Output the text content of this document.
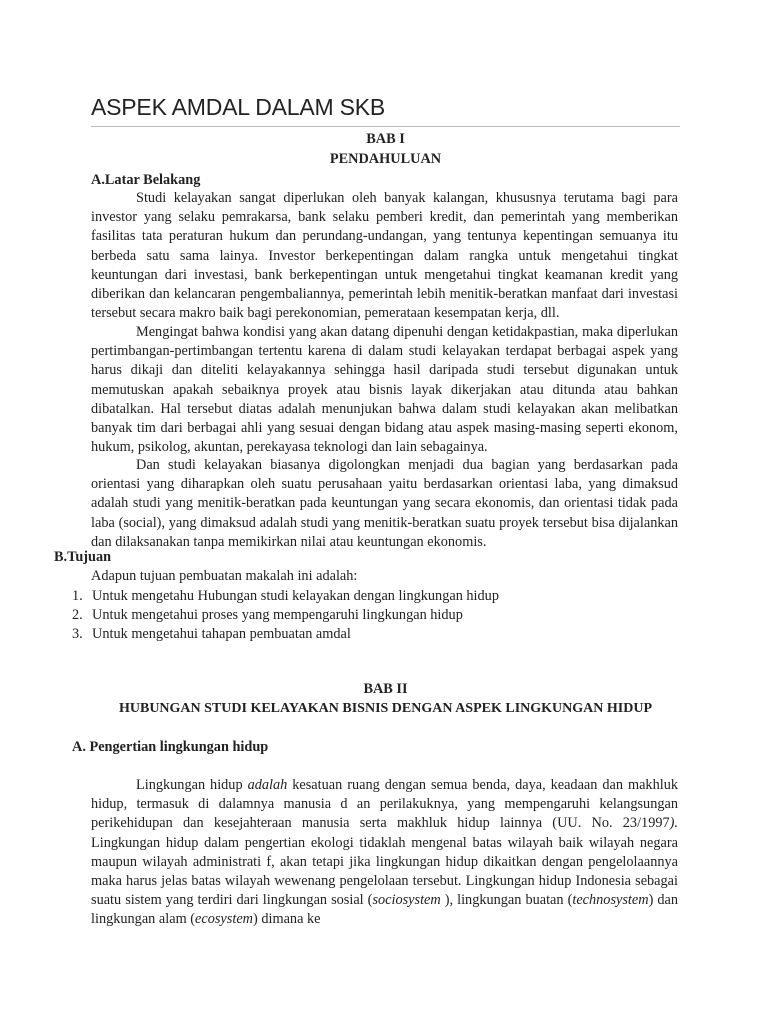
ASPEK AMDAL DALAM SKB
BAB I
PENDAHULUAN
A.Latar Belakang

Studi kelayakan sangat diperlukan oleh banyak kalangan, khususnya terutama bagi para investor yang selaku pemrakarsa, bank selaku pemberi kredit, dan pemerintah yang memberikan fasilitas tata peraturan hukum dan perundang-undangan, yang tentunya kepentingan semuanya itu berbeda satu sama lainya. Investor berkepentingan dalam rangka untuk mengetahui tingkat keuntungan dari investasi, bank berkepentingan untuk mengetahui tingkat keamanan kredit yang diberikan dan kelancaran pengembaliannya, pemerintah lebih menitik-beratkan manfaat dari investasi tersebut secara makro baik bagi perekonomian, pemerataan kesempatan kerja, dll.

Mengingat bahwa kondisi yang akan datang dipenuhi dengan ketidakpastian, maka diperlukan pertimbangan-pertimbangan tertentu karena di dalam studi kelayakan terdapat berbagai aspek yang harus dikaji dan diteliti kelayakannya sehingga hasil daripada studi tersebut digunakan untuk memutuskan apakah sebaiknya proyek atau bisnis layak dikerjakan atau ditunda atau bahkan dibatalkan. Hal tersebut diatas adalah menunjukan bahwa dalam studi kelayakan akan melibatkan banyak tim dari berbagai ahli yang sesuai dengan bidang atau aspek masing-masing seperti ekonom, hukum, psikolog, akuntan, perekayasa teknologi dan lain sebagainya.

Dan studi kelayakan biasanya digolongkan menjadi dua bagian yang berdasarkan pada orientasi yang diharapkan oleh suatu perusahaan yaitu berdasarkan orientasi laba, yang dimaksud adalah studi yang menitik-beratkan pada keuntungan yang secara ekonomis, dan orientasi tidak pada laba (social), yang dimaksud adalah studi yang menitik-beratkan suatu proyek tersebut bisa dijalankan dan dilaksanakan tanpa memikirkan nilai atau keuntungan ekonomis.

B.Tujuan
Adapun tujuan pembuatan makalah ini adalah:
1. Untuk mengetahu Hubungan studi kelayakan dengan lingkungan hidup
2. Untuk mengetahui proses yang mempengaruhi lingkungan hidup
3. Untuk mengetahui tahapan pembuatan amdal
BAB II
HUBUNGAN STUDI KELAYAKAN BISNIS DENGAN ASPEK LINGKUNGAN HIDUP
A. Pengertian lingkungan hidup

Lingkungan hidup adalah kesatuan ruang dengan semua benda, daya, keadaan dan makhluk hidup, termasuk di dalamnya manusia d an perilakuknya, yang mempengaruhi kelangsungan perikehidupan dan kesejahteraan manusia serta makhluk hidup lainnya (UU. No. 23/1997). Lingkungan hidup dalam pengertian ekologi tidaklah mengenal batas wilayah baik wilayah negara maupun wilayah administrati f, akan tetapi jika lingkungan hidup dikaitkan dengan pengelolaannya maka harus jelas batas wilayah wewenang pengelolaan tersebut. Lingkungan hidup Indonesia sebagai suatu sistem yang terdiri dari lingkungan sosial (sociosystem ), lingkungan buatan (technosystem) dan lingkungan alam (ecosystem) dimana ke
